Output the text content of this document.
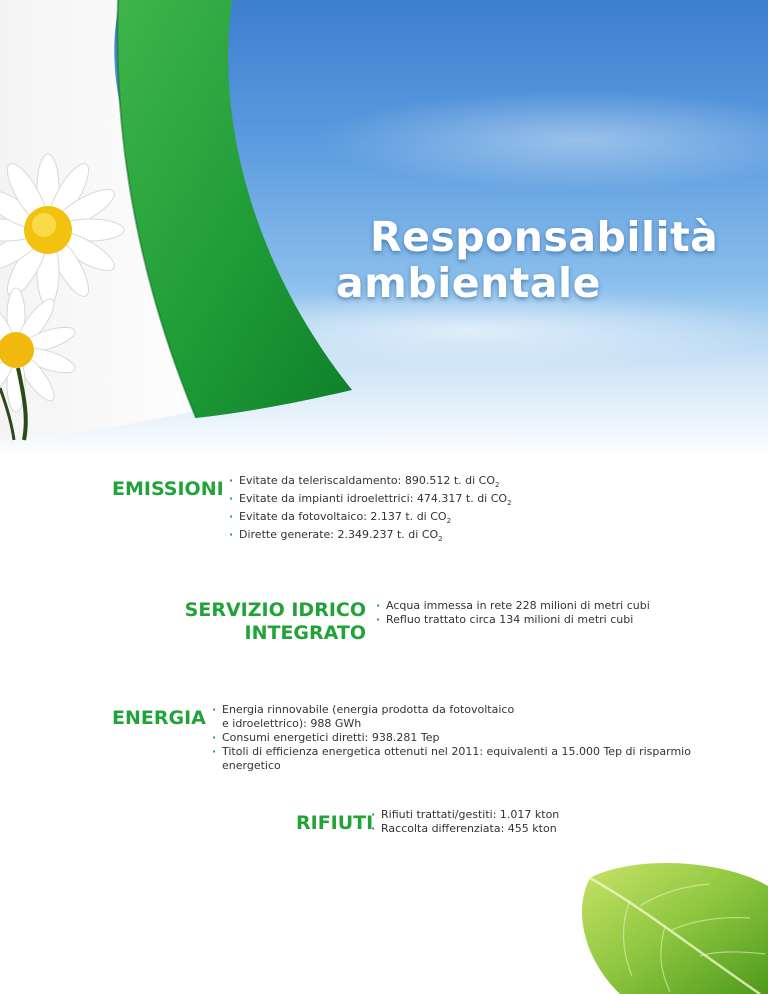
Responsabilità
ambientale
EMISSIONI	· Evitate da teleriscaldamento: 890.512 t. di $CO_2$
· Evitate da impianti idroelettrici: 474.317 t. di $CO_2$
· Evitate da fotovoltaico: 2.137 t. di $CO_2$
· Dirette generate: 2.349.237 t. di $CO_2$
SERVIZIO IDRICO
INTEGRATO
· Acqua immessa in rete 228 milioni di metri cubi
· Refluo trattato circa 134 milioni di metri cubi
ENERGIA	· Energia rinnovabile (energia prodotta da fotovoltaico
e idroelettrico): 988 GWh
· Consumi energetici diretti: 938.281 Tep
· Titoli di efficienza energetica ottenuti nel 2011: equivalenti a 15.000 Tep di risparmio
energetico
RIFIUTI · Rifiuti trattati/gestiti: 1.017 kton
· Raccolta differenziata: 455 kton
